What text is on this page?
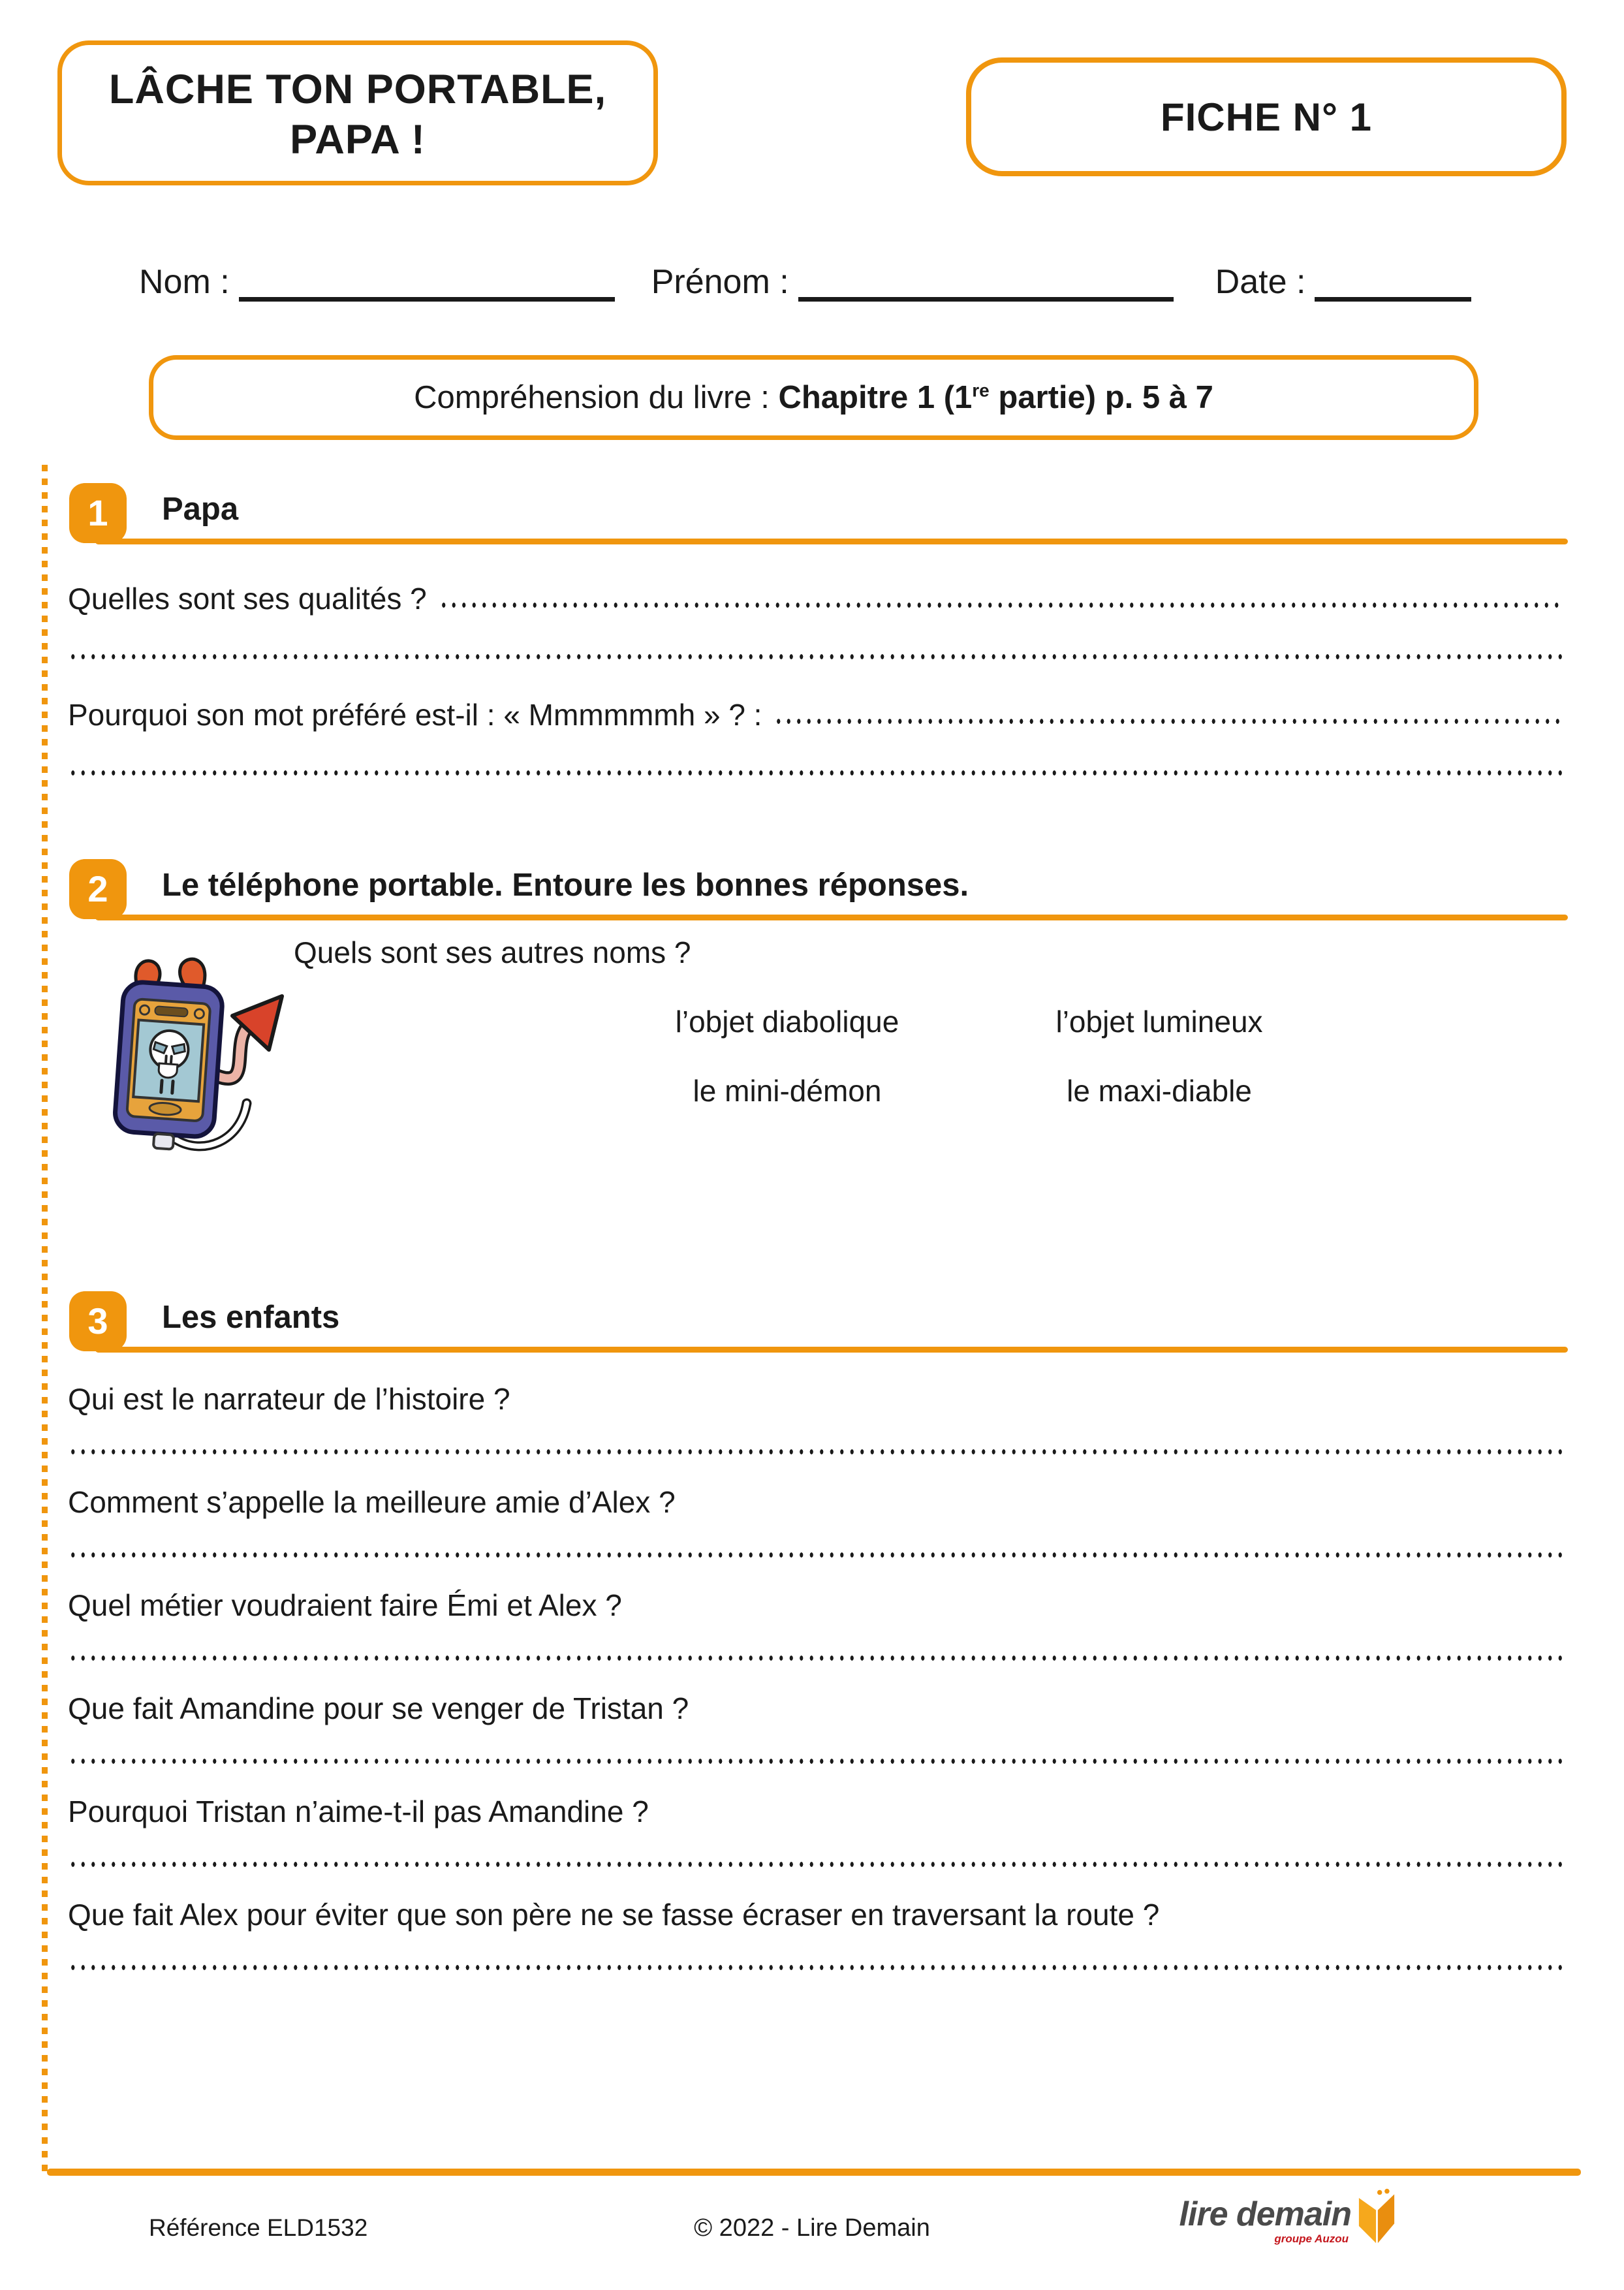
LÂCHE TON PORTABLE,
PAPA !	FICHE N° 1
Nom :	Prénom :	Date :
Compréhension du livre : Chapitre 1 (1re partie) p. 5 à 7
1	Papa
Quelles sont ses qualités ?
Pourquoi son mot préféré est-il : « Mmmmmmh » ? :
2	Le téléphone portable. Entoure les bonnes réponses.
Quels sont ses autres noms ?
l’objet diabolique	l’objet lumineux
le mini-démon	le maxi-diable
3	Les enfants
Qui est le narrateur de l’histoire ?
Comment s’appelle la meilleure amie d’Alex ?
Quel métier voudraient faire Émi et Alex ?
Que fait Amandine pour se venger de Tristan ?
Pourquoi Tristan n’aime-t-il pas Amandine ?
Que fait Alex pour éviter que son père ne se fasse écraser en traversant la route ?
Référence ELD1532	© 2022 - Lire Demain	lire demain
groupe Auzou
